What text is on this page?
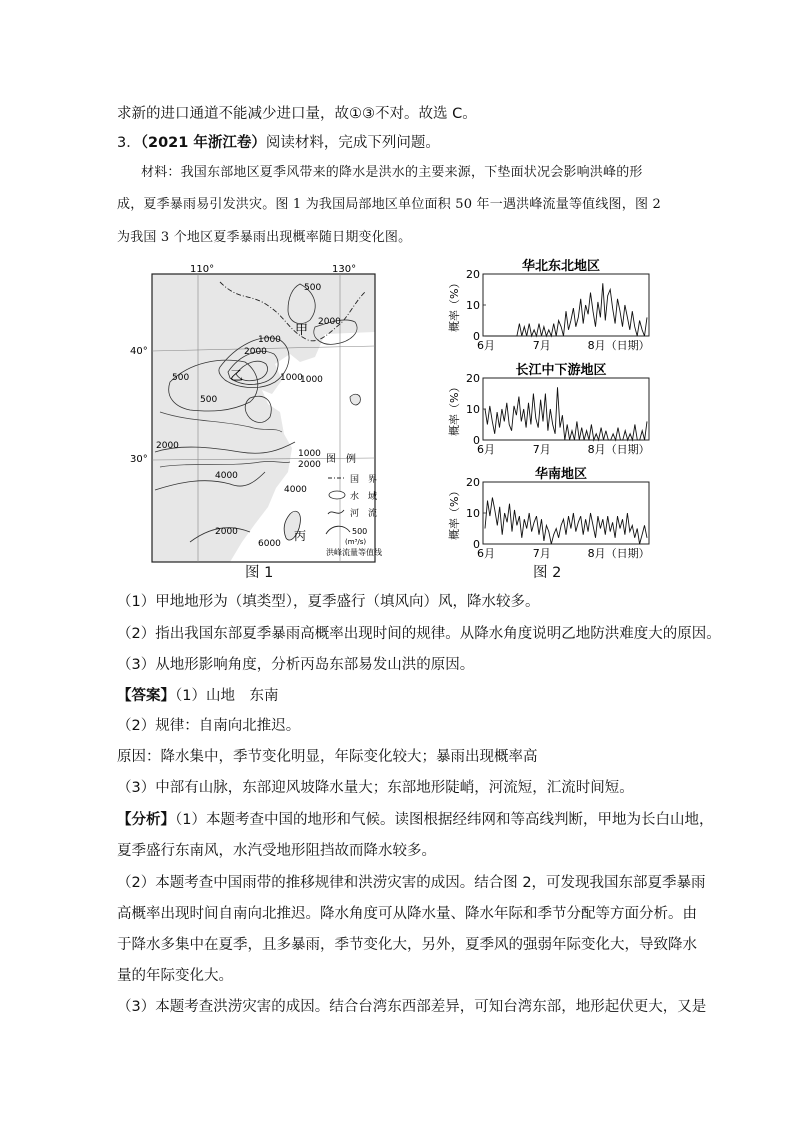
求新的进口通道不能减少进口量，故①③不对。故选 C。
3．（2021 年浙江卷）阅读材料，完成下列问题。
材料：我国东部地区夏季风带来的降水是洪水的主要来源，下垫面状况会影响洪峰的形
成，夏季暴雨易引发洪灾。图 1 为我国局部地区单位面积 50 年一遇洪峰流量等值线图，图 2
为我国 3 个地区夏季暴雨出现概率随日期变化图。
110°	130°
40°
30°
甲
乙
丙
500
500
1000
2000
2000
1000
500
1000
2000
1000
2000
4000
4000
2000
6000
图　例
国　界
水　域
河　流
500
(m³/s)
洪峰流量等值线
图 1
华北东北地区
概率（%）
0
10
20
6月	7月	8月（日期）
长江中下游地区
概率（%）
0
10
20
6月	7月	8月（日期）
华南地区
概率（%）
0
10
20
6月	7月	8月（日期）
图 2
（1）甲地地形为（填类型），夏季盛行（填风向）风，降水较多。
（2）指出我国东部夏季暴雨高概率出现时间的规律。从降水角度说明乙地防洪难度大的原因。
（3）从地形影响角度，分析丙岛东部易发山洪的原因。
【答案】（1）山地　东南
（2）规律：自南向北推迟。
原因：降水集中，季节变化明显，年际变化较大；暴雨出现概率高
（3）中部有山脉，东部迎风坡降水量大；东部地形陡峭，河流短，汇流时间短。
【分析】（1）本题考查中国的地形和气候。读图根据经纬网和等高线判断，甲地为长白山地，
夏季盛行东南风，水汽受地形阻挡故而降水较多。
（2）本题考查中国雨带的推移规律和洪涝灾害的成因。结合图 2，可发现我国东部夏季暴雨
高概率出现时间自南向北推迟。降水角度可从降水量、降水年际和季节分配等方面分析。由
于降水多集中在夏季，且多暴雨，季节变化大，另外，夏季风的强弱年际变化大，导致降水
量的年际变化大。
（3）本题考查洪涝灾害的成因。结合台湾东西部差异，可知台湾东部，地形起伏更大，又是
